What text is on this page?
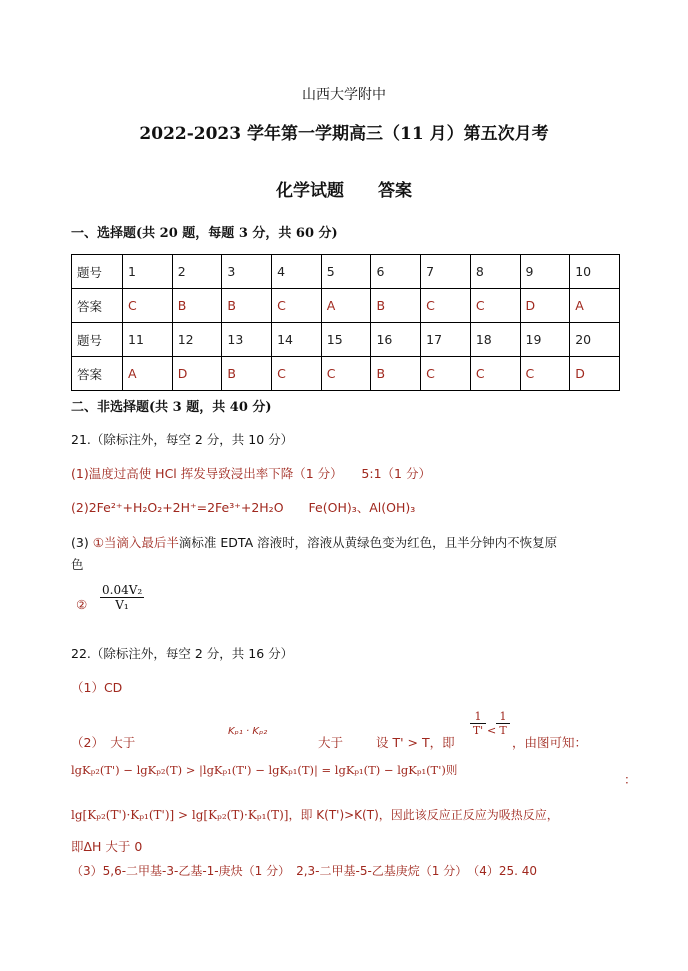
山西大学附中
2022-2023 学年第一学期高三（11 月）第五次月考
化学试题　　答案
一、选择题(共 20 题，每题 3 分，共 60 分)
题号	1	2	3	4	5	6	7	8	9	10
答案	C	B	B	C	A	B	C	C	D	A
题号	11	12	13	14	15	16	17	18	19	20
答案	A	D	B	C	C	B	C	C	C	D
二、非选择题(共 3 题，共 40 分)
21.（除标注外，每空 2 分，共 10 分）
(1)温度过高使 HCl 挥发导致浸出率下降（1 分）　　5:1（1 分）
(2)2Fe²⁺+H₂O₂+2H⁺=2Fe³⁺+2H₂O　　Fe(OH)₃、Al(OH)₃
(3) ①当滴入最后半滴标准 EDTA 溶液时，溶液从黄绿色变为红色，且半分钟内不恢复原
色
② $\frac{\text{0.04V₂}}{\text{V₁}}$
22.（除标注外，每空 2 分，共 16 分）
（1）CD
（2）　大于
Kₚ₁ · Kₚ₂
大于	设 T' > T，即
$\frac{1}{T'} < \frac{1}{T}$
，由图可知：
lgKₚ₂(T') − lgKₚ₂(T) > |lgKₚ₁(T') − lgKₚ₁(T)| = lgKₚ₁(T) − lgKₚ₁(T')则
：
lg[Kₚ₂(T')·Kₚ₁(T')] > lg[Kₚ₂(T)·Kₚ₁(T)]，即 K(T')>K(T)，因此该反应正反应为吸热反应，
即ΔH 大于 0
（3）5,6-二甲基-3-乙基-1-庚炔（1 分）　2,3-二甲基-5-乙基庚烷（1 分）　（4）25. 40
